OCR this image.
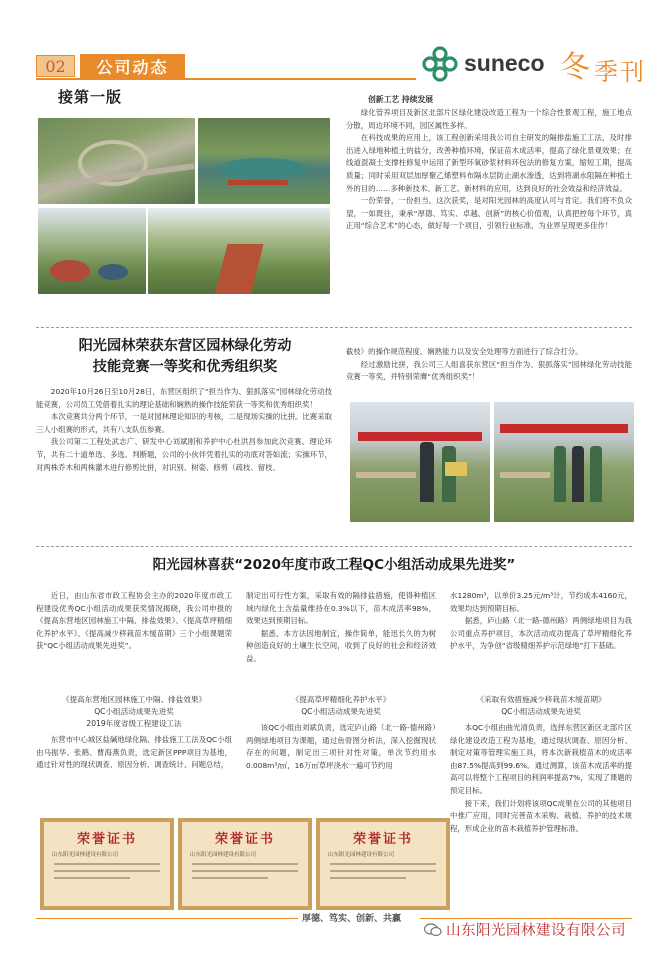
02 公司动态	suneco 冬 季刊
接第一版	创新工艺 持续发展

绿化管养项目及新区北部片区绿化建设改造工程为一个综合性景观工程，施工地点分散，周边环境不同，园区属性多样。

在科技成果的应用上，该工程创新采用我公司自主研发的隔排盐施工工法，及时排出进入绿地种植土的盐分，改善种植环境，保证苗木成活率，提高了绿化景观效果；在线道混凝土支撑柱修复中运用了新型环氧砂浆材料环包法的修复方案，缩短工期，提高质量；同时采用双层加厚聚乙烯塑料布隔水层防止湖水渗透，达到将湖水阻隔在种植土外的目的……多种新技术、新工艺、新材料的应用，达到良好的社会效益和经济效益。

一份荣誉，一份担当。这次获奖，是对阳光园林的高度认可与肯定。我们将不负众望，一如既往，秉承“厚德、笃实、卓越、创新”的核心价值观，认真把控每个环节，真正用“综合艺术”的心态，做好每一个项目，引领行业标准，为业界呈现更多佳作！

阳光园林荣获东营区园林绿化劳动
技能竞赛一等奖和优秀组织奖

2020年10月26日至10月28日，东营区组织了“担当作为、狠抓落实”园林绿化劳动技能竞赛，公司员工凭借着扎实的理论基础和娴熟的操作技能荣获一等奖和优秀组织奖！

本次竞赛共分两个环节，一是对园林理论知识的考核，二是现场实操的比拼。比赛采取三人小组赛的形式，共有八支队伍参赛。

我公司第二工程处武志广、研发中心刘斌刚和养护中心杜洪昌参加此次竞赛。理论环节，共有二十道单选、多选、判断题，公司的小伙伴凭着扎实的功底对答如流；实操环节，对两株乔木和两株灌木进行修剪比拼，对识别、树姿、修剪（疏枝、留枝、

截枝）的操作规范程度、娴熟能力以及安全处理等方面进行了综合打分。

经过激励比拼，我公司三人组喜获东营区“担当作为、狠抓落实”园林绿化劳动技能竞赛一等奖，并特别荣膺“优秀组织奖”！

阳光园林喜获“2020年度市政工程QC小组活动成果先进奖”

近日，由山东省市政工程协会主办的2020年度市政工程建设优秀QC小组活动成果获奖情况揭晓，我公司申报的《提高东营地区园林施工中隔、排盐效果》、《提高草坪精细化养护水平》、《提高减少移栽苗木缓苗期》三个小组课题荣获“QC小组活动成果先进奖”。

制定出可行性方案，采取有效的隔排盐措施，使得种植区域内绿化土含盐量维持在0.3%以下，苗木成活率98%，效果达到预期目标。

据悉，本方法因地制宜，操作简单，能迅长久的为树种创造良好的土壤生长空间，收到了良好的社会和经济效益。

水1280m³，以单价3.25元/m³计，节约成本4160元，效果均达到预期目标。

据悉，庐山路（北一路-德州路）两侧绿地项目为我公司重点养护项目，本次活动成功提高了草坪精细化养护水平，为争创“省级精细养护示范绿地”打下基础。

《提高东营地区园林施工中隔、排盐效果》
QC小组活动成果先进奖
2019年度省级工程建设工法

东营市中心城区盐碱地绿化隔、排盐施工工法及QC小组由马振华、张鹤、曹海燕负责，选定新区PPP项目为基地，通过针对性的现状调查、原因分析、调查统计、问题总结，

《提高草坪精细化养护水平》
QC小组活动成果先进奖

该QC小组由刘斌负责，选定庐山路（北一路-德州路）两侧绿地项目为课题，通过鱼骨图分析法，深入挖掘现状存在的问题，制定出三项针对性对策，单次节约用水0.008m³/㎡，16万㎡草坪浇水一遍可节约用

《采取有效措施减少移栽苗木缓苗期》
QC小组活动成果先进奖

本QC小组由曲光清负责，选择东营区新区北部片区绿化建设改造工程为基地，通过现状调查、原因分析、制定对策等管理实施工具，将本次新栽植苗木的成活率由87.5%提高到99.6%。通过测算，该苗木成活率的提高可以将整个工程项目的利润率提高7%，实现了课题的预定目标。

接下来，我们计划将该项QC成果在公司的其他项目中推广应用，同时完善苗木采购、栽植、养护的技术规程，形成企业的苗木栽植养护管理标准。

荣誉证书
山东阳光园林建设有限公司
荣誉证书
山东阳光园林建设有限公司
荣誉证书
山东阳光园林建设有限公司
厚德、笃实、创新、共赢
山东阳光园林建设有限公司
